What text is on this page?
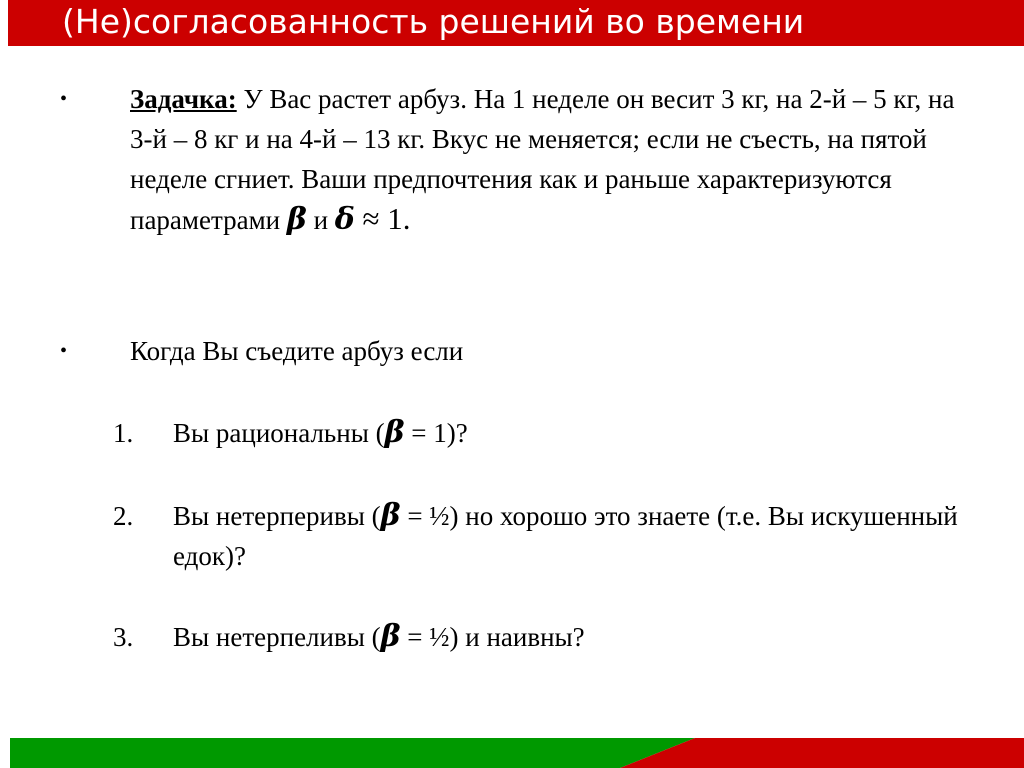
(Не)согласованность решений во времени
• Задачка: У Вас растет арбуз. На 1 неделе он весит 3 кг, на 2-й – 5 кг, на 3-й – 8 кг и на 4-й – 13 кг. Вкус не меняется; если не съесть, на пятой неделе сгниет. Ваши предпочтения как и раньше характеризуются параметрами β и δ ≈ 1.

• Когда Вы съедите арбуз если

1. Вы рациональны (β = 1)?

2. Вы нетерперивы (β = ½) но хорошо это знаете (т.е. Вы искушенный едок)?

3. Вы нетерпеливы (β = ½) и наивны?
